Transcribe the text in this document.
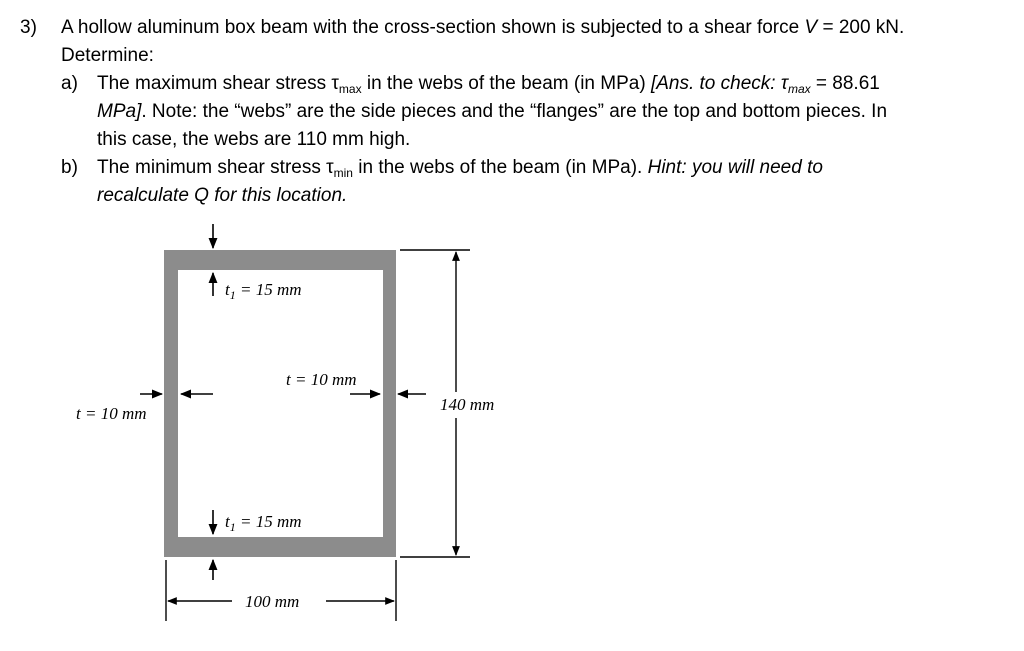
3) A hollow aluminum box beam with the cross-section shown is subjected to a shear force V = 200 kN.
Determine:
a) The maximum shear stress $\tau_{max}$ in the webs of the beam (in MPa) [Ans. to check: $\tau_{max} = 88.61$
MPa]. Note: the “webs” are the side pieces and the “flanges” are the top and bottom pieces. In
this case, the webs are 110 mm high.
b) The minimum shear stress $\tau_{min}$ in the webs of the beam (in MPa). Hint: you will need to
recalculate Q for this location.
$t_1 = 15$ mm
t = 10 mm
t = 10 mm
$t_1 = 15$ mm
140 mm
100 mm
